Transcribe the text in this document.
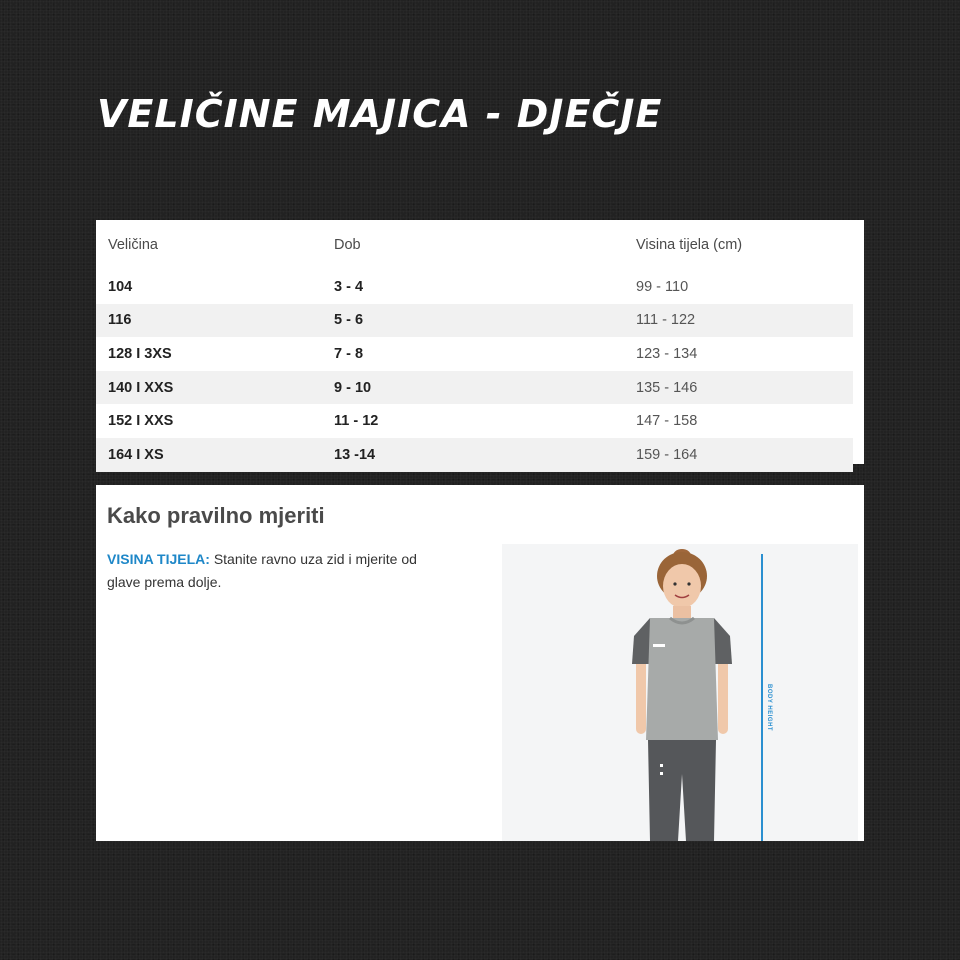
VELIČINE MAJICA - DJEČJE
Veličina	Dob	Visina tijela (cm)
104	3 - 4	99 - 110
116	5 - 6	111 - 122
128 I 3XS	7 - 8	123 - 134
140 I XXS	9 - 10	135 - 146
152 I XXS	11 - 12	147 - 158
164 I XS	13 -14	159 - 164
Kako pravilno mjeriti
VISINA TIJELA: Stanite ravno uza zid i mjerite od glave prema dolje.
BODY HEIGHT
